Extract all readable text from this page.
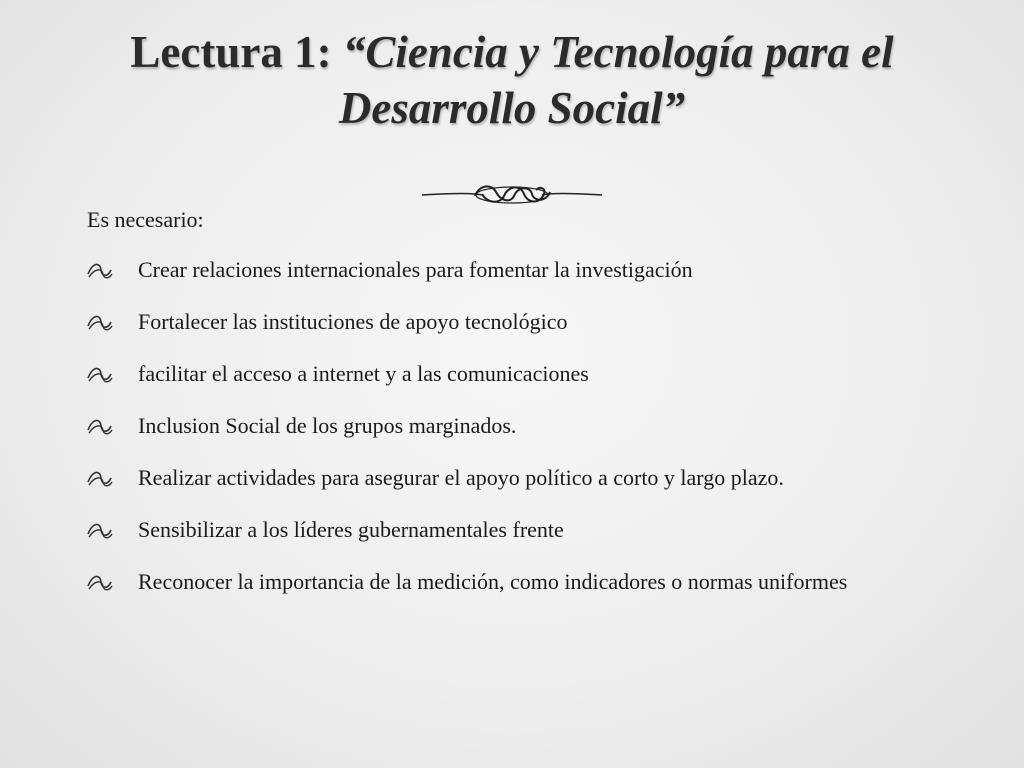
Lectura 1: “Ciencia y Tecnología para el Desarrollo Social”

Es necesario:

Crear relaciones internacionales para fomentar la investigación
Fortalecer las instituciones de apoyo tecnológico
facilitar el acceso a internet y a las comunicaciones
Inclusion Social de los grupos marginados.
Realizar actividades para asegurar el apoyo político a corto y largo plazo.
Sensibilizar a los líderes gubernamentales frente
Reconocer la importancia de la medición, como indicadores o normas uniformes
